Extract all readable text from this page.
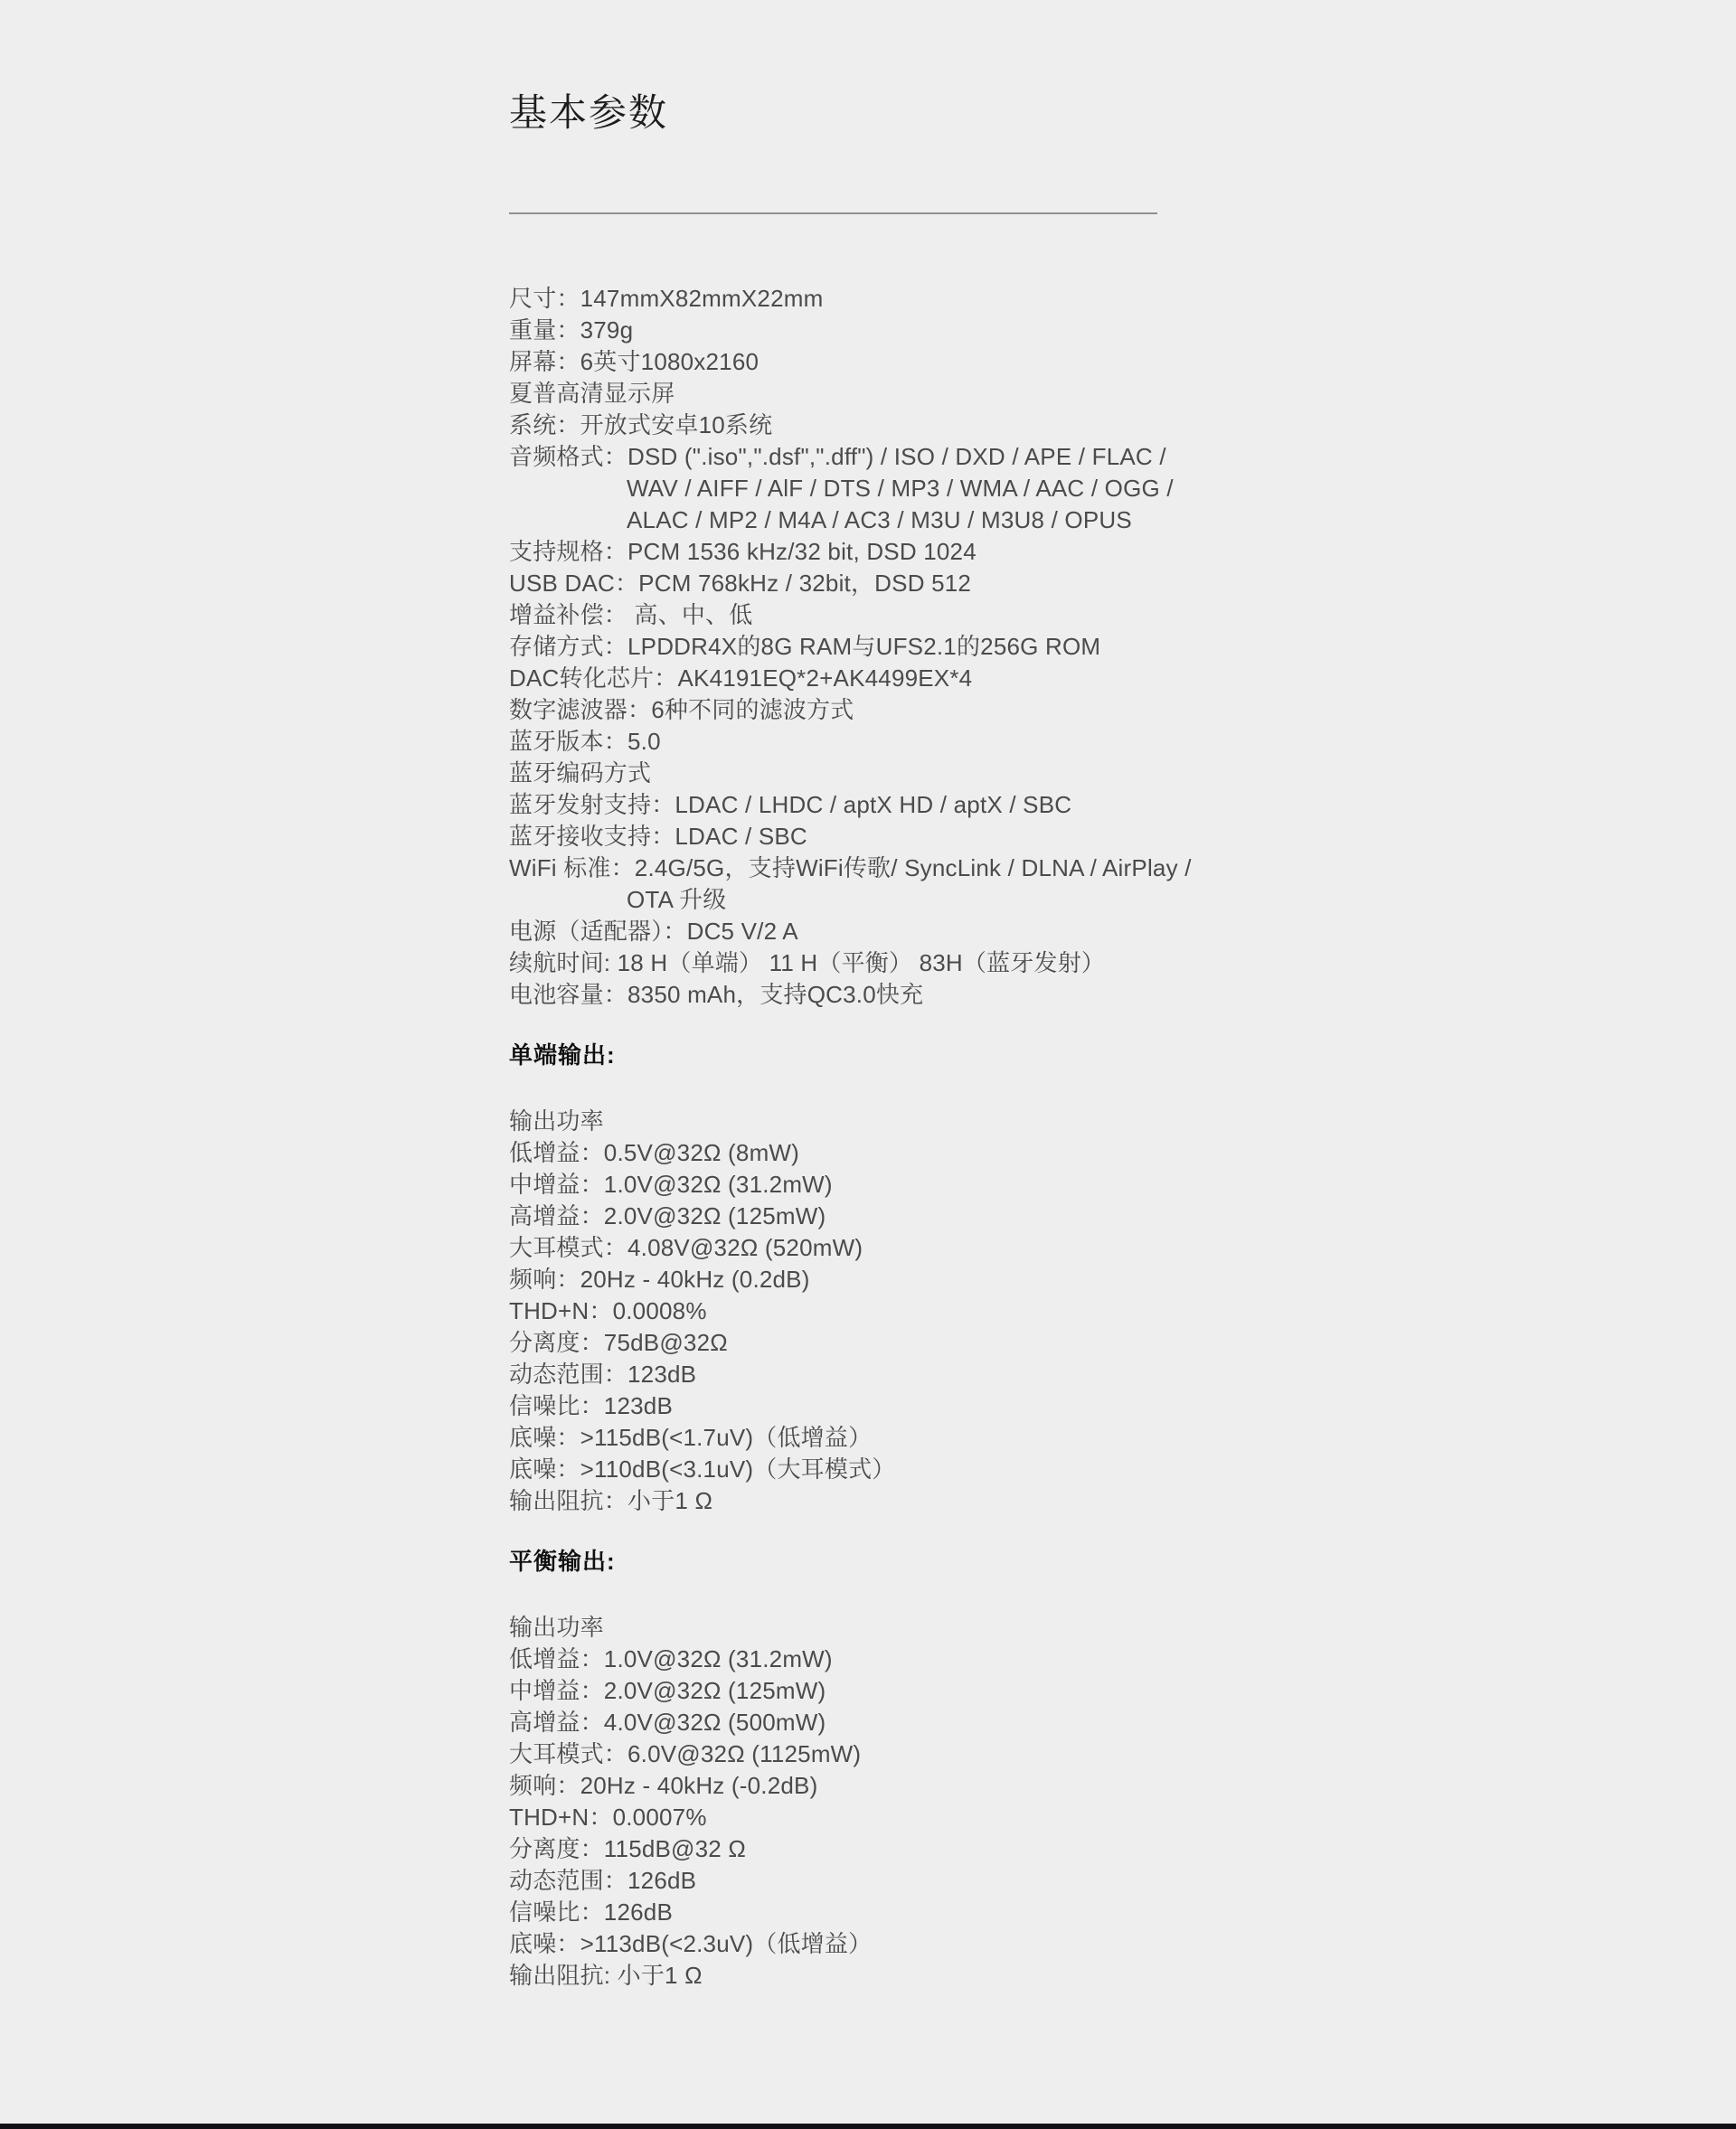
基本参数
尺寸：147mmX82mmX22mm
重量：379g
屏幕：6英寸1080x2160
夏普高清显示屏
系统：开放式安卓10系统
音频格式：DSD (".iso",".dsf",".dff") / ISO / DXD / APE / FLAC /
WAV / AIFF / AlF / DTS / MP3 / WMA / AAC / OGG /
ALAC / MP2 / M4A / AC3 / M3U / M3U8 / OPUS
支持规格：PCM 1536 kHz/32 bit, DSD 1024
USB DAC：PCM 768kHz / 32bit，DSD 512
增益补偿： 高、中、低
存储方式：LPDDR4X的8G RAM与UFS2.1的256G ROM
DAC转化芯片：AK4191EQ*2+AK4499EX*4
数字滤波器：6种不同的滤波方式
蓝牙版本：5.0
蓝牙编码方式
蓝牙发射支持：LDAC / LHDC / aptX HD / aptX / SBC
蓝牙接收支持：LDAC / SBC
WiFi 标准：2.4G/5G，支持WiFi传歌/ SyncLink / DLNA / AirPlay /
OTA 升级
电源（适配器）：DC5 V/2 A
续航时间: 18 H（单端） 11 H（平衡） 83H（蓝牙发射）
电池容量：8350 mAh，支持QC3.0快充
单端输出:
输出功率
低增益：0.5V@32Ω (8mW)
中增益：1.0V@32Ω (31.2mW)
高增益：2.0V@32Ω (125mW)
大耳模式：4.08V@32Ω (520mW)
频响：20Hz - 40kHz (0.2dB)
THD+N：0.0008%
分离度：75dB@32Ω
动态范围：123dB
信噪比：123dB
底噪：>115dB(<1.7uV)（低增益）
底噪：>110dB(<3.1uV)（大耳模式）
输出阻抗：小于1 Ω
平衡输出:
输出功率
低增益：1.0V@32Ω (31.2mW)
中增益：2.0V@32Ω (125mW)
高增益：4.0V@32Ω (500mW)
大耳模式：6.0V@32Ω (1125mW)
频响：20Hz - 40kHz (-0.2dB)
THD+N：0.0007%
分离度：115dB@32 Ω
动态范围：126dB
信噪比：126dB
底噪：>113dB(<2.3uV)（低增益）
输出阻抗: 小于1 Ω
